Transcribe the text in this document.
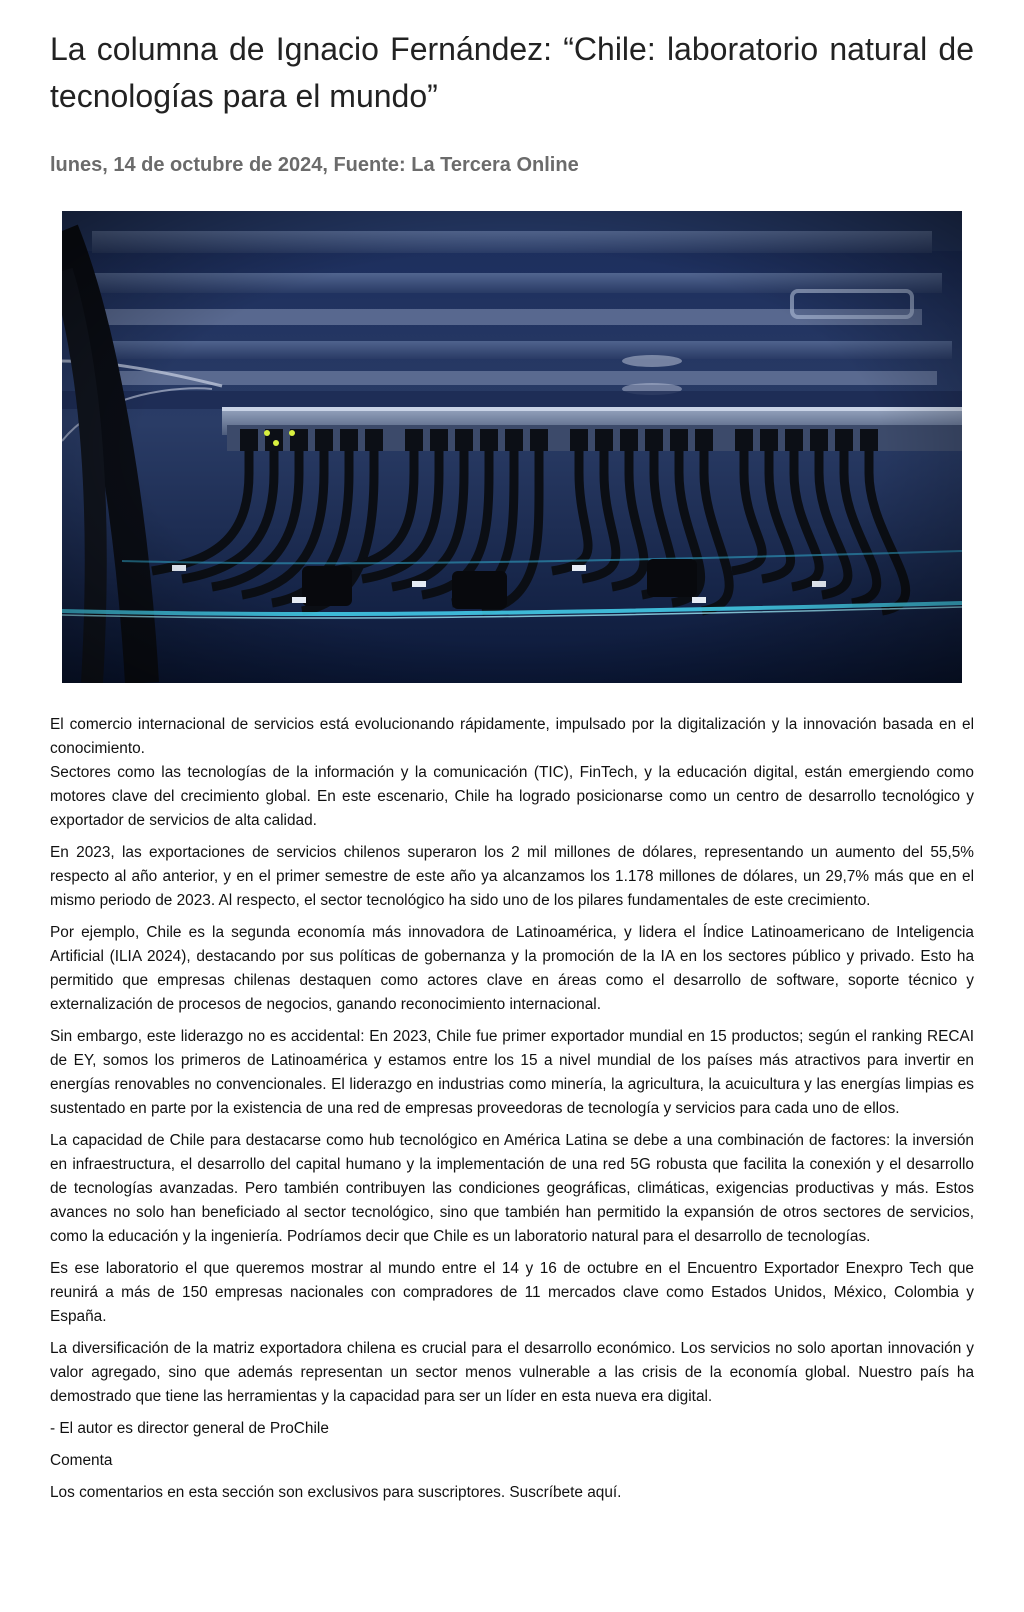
La columna de Ignacio Fernández: “Chile: laboratorio natural de tecnologías para el mundo”
lunes, 14 de octubre de 2024, Fuente: La Tercera Online

El comercio internacional de servicios está evolucionando rápidamente, impulsado por la digitalización y la innovación basada en el conocimiento.

Sectores como las tecnologías de la información y la comunicación (TIC), FinTech, y la educación digital, están emergiendo como motores clave del crecimiento global. En este escenario, Chile ha logrado posicionarse como un centro de desarrollo tecnológico y exportador de servicios de alta calidad.

En 2023, las exportaciones de servicios chilenos superaron los 2 mil millones de dólares, representando un aumento del 55,5% respecto al año anterior, y en el primer semestre de este año ya alcanzamos los 1.178 millones de dólares, un 29,7% más que en el mismo periodo de 2023. Al respecto, el sector tecnológico ha sido uno de los pilares fundamentales de este crecimiento.

Por ejemplo, Chile es la segunda economía más innovadora de Latinoamérica, y lidera el Índice Latinoamericano de Inteligencia Artificial (ILIA 2024), destacando por sus políticas de gobernanza y la promoción de la IA en los sectores público y privado. Esto ha permitido que empresas chilenas destaquen como actores clave en áreas como el desarrollo de software, soporte técnico y externalización de procesos de negocios, ganando reconocimiento internacional.

Sin embargo, este liderazgo no es accidental: En 2023, Chile fue primer exportador mundial en 15 productos; según el ranking RECAI de EY, somos los primeros de Latinoamérica y estamos entre los 15 a nivel mundial de los países más atractivos para invertir en energías renovables no convencionales. El liderazgo en industrias como minería, la agricultura, la acuicultura y las energías limpias es sustentado en parte por la existencia de una red de empresas proveedoras de tecnología y servicios para cada uno de ellos.

La capacidad de Chile para destacarse como hub tecnológico en América Latina se debe a una combinación de factores: la inversión en infraestructura, el desarrollo del capital humano y la implementación de una red 5G robusta que facilita la conexión y el desarrollo de tecnologías avanzadas. Pero también contribuyen las condiciones geográficas, climáticas, exigencias productivas y más. Estos avances no solo han beneficiado al sector tecnológico, sino que también han permitido la expansión de otros sectores de servicios, como la educación y la ingeniería. Podríamos decir que Chile es un laboratorio natural para el desarrollo de tecnologías.

Es ese laboratorio el que queremos mostrar al mundo entre el 14 y 16 de octubre en el Encuentro Exportador Enexpro Tech que reunirá a más de 150 empresas nacionales con compradores de 11 mercados clave como Estados Unidos, México, Colombia y España.

La diversificación de la matriz exportadora chilena es crucial para el desarrollo económico. Los servicios no solo aportan innovación y valor agregado, sino que además representan un sector menos vulnerable a las crisis de la economía global. Nuestro país ha demostrado que tiene las herramientas y la capacidad para ser un líder en esta nueva era digital.

- El autor es director general de ProChile

Comenta

Los comentarios en esta sección son exclusivos para suscriptores. Suscríbete aquí.
